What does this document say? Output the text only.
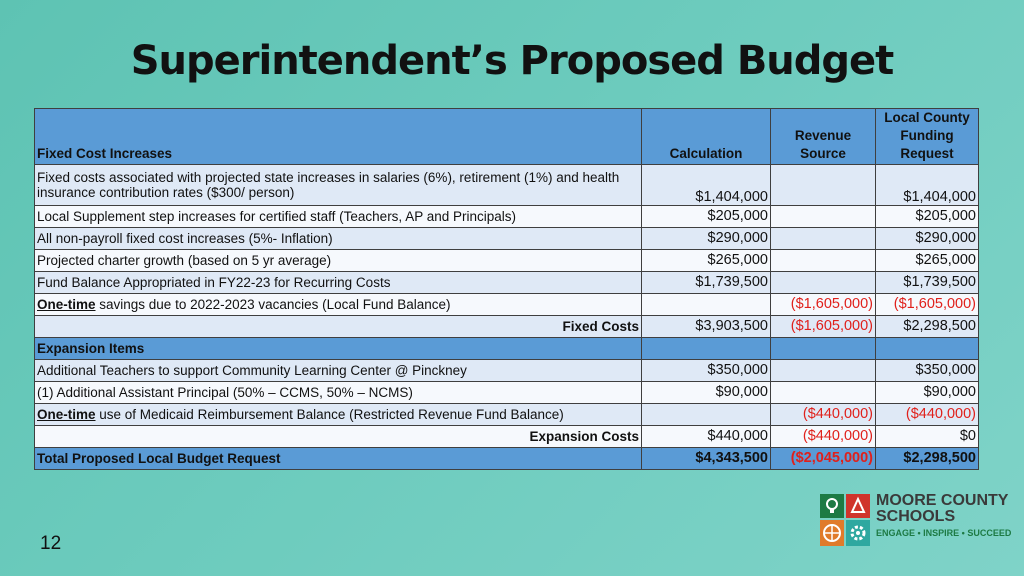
Superintendent’s Proposed Budget
Fixed Cost Increases	Calculation	Revenue Source	Local County Funding Request
Fixed costs associated with projected state increases in salaries (6%), retirement (1%) and health insurance contribution rates ($300/ person)	$1,404,000		$1,404,000
Local Supplement step increases for certified staff (Teachers, AP and Principals)	$205,000		$205,000
All non-payroll fixed cost increases (5%- Inflation)	$290,000		$290,000
Projected charter growth (based on 5 yr average)	$265,000		$265,000
Fund Balance Appropriated in FY22-23 for Recurring Costs	$1,739,500		$1,739,500
One-time savings due to 2022-2023 vacancies (Local Fund Balance)		($1,605,000)	($1,605,000)
Fixed Costs	$3,903,500	($1,605,000)	$2,298,500
Expansion Items			
Additional Teachers to support Community Learning Center @ Pinckney	$350,000		$350,000
(1) Additional Assistant Principal (50% – CCMS, 50% – NCMS)	$90,000		$90,000
One-time use of Medicaid Reimbursement Balance (Restricted Revenue Fund Balance)		($440,000)	($440,000)
Expansion Costs	$440,000	($440,000)	$0
Total Proposed Local Budget Request	$4,343,500	($2,045,000)	$2,298,500
12
MOORE COUNTY
SCHOOLS
ENGAGE • INSPIRE • SUCCEED
